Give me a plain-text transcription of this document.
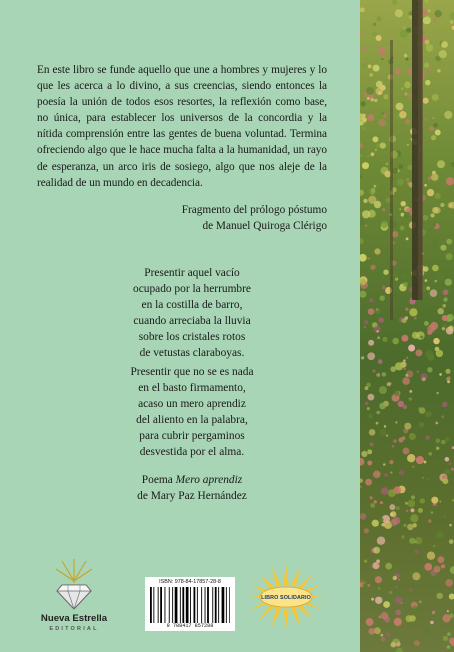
En este libro se funde aquello que une a hombres y mujeres y lo que les acerca a lo divino, a sus creencias, siendo entonces la poesía la unión de todos esos resortes, la reflexión como base, no única, para establecer los universos de la concordia y la nítida comprensión entre las gentes de buena voluntad. Termina ofreciendo algo que le hace mucha falta a la humanidad, un rayo de esperanza, un arco iris de sosiego, algo que nos aleje de la realidad de un mundo en decadencia.
Fragmento del prólogo póstumo
de Manuel Quiroga Clérigo
Presentir aquel vacío
ocupado por la herrumbre
en la costilla de barro,
cuando arreciaba la lluvia
sobre los cristales rotos
de vetustas claraboyas.
Presentir que no se es nada
en el basto firmamento,
acaso un mero aprendiz
del aliento en la palabra,
para cubrir pergaminos
desvestida por el alma.
Poema Mero aprendiz
de Mary Paz Hernández
Nueva Estrella
EDITORIAL
ISBN: 978-84-17857-28-8
9 788417 857288
LIBRO SOLIDARIO
